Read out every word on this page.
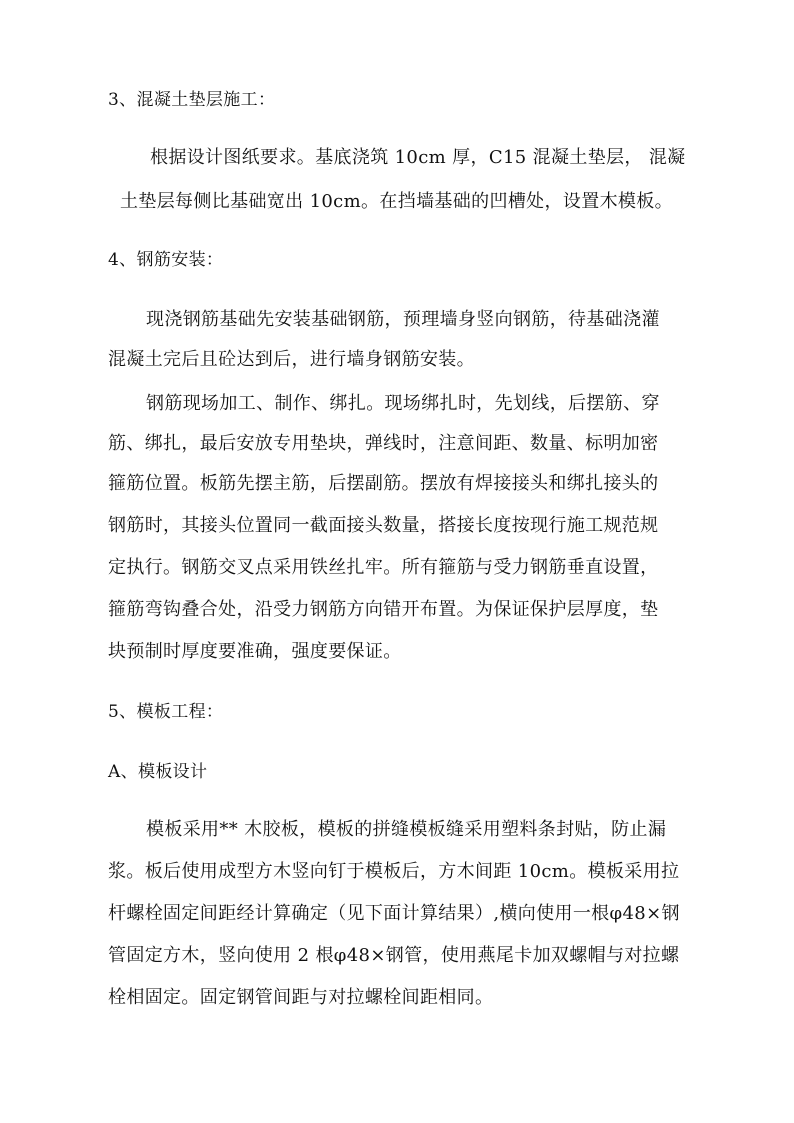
3、混凝土垫层施工：

根据设计图纸要求。基底浇筑 10cm 厚，C15 混凝土垫层， 混凝

土垫层每侧比基础宽出 10cm。在挡墙基础的凹槽处，设置木模板。

4、钢筋安装：

现浇钢筋基础先安装基础钢筋，预理墙身竖向钢筋，待基础浇灌

混凝土完后且砼达到后，进行墙身钢筋安装。

钢筋现场加工、制作、绑扎。现场绑扎时，先划线，后摆筋、穿

筋、绑扎，最后安放专用垫块，弹线时，注意间距、数量、标明加密

箍筋位置。板筋先摆主筋，后摆副筋。摆放有焊接接头和绑扎接头的

钢筋时，其接头位置同一截面接头数量，搭接长度按现行施工规范规

定执行。钢筋交叉点采用铁丝扎牢。所有箍筋与受力钢筋垂直设置，

箍筋弯钩叠合处，沿受力钢筋方向错开布置。为保证保护层厚度，垫

块预制时厚度要准确，强度要保证。

5、模板工程：

A、模板设计

模板采用** 木胶板，模板的拼缝模板缝采用塑料条封贴，防止漏

浆。板后使用成型方木竖向钉于模板后，方木间距 10cm。模板采用拉

杆螺栓固定间距经计算确定（见下面计算结果）,横向使用一根φ48×钢

管固定方木，竖向使用 2 根φ48×钢管，使用燕尾卡加双螺帽与对拉螺

栓相固定。固定钢管间距与对拉螺栓间距相同。
